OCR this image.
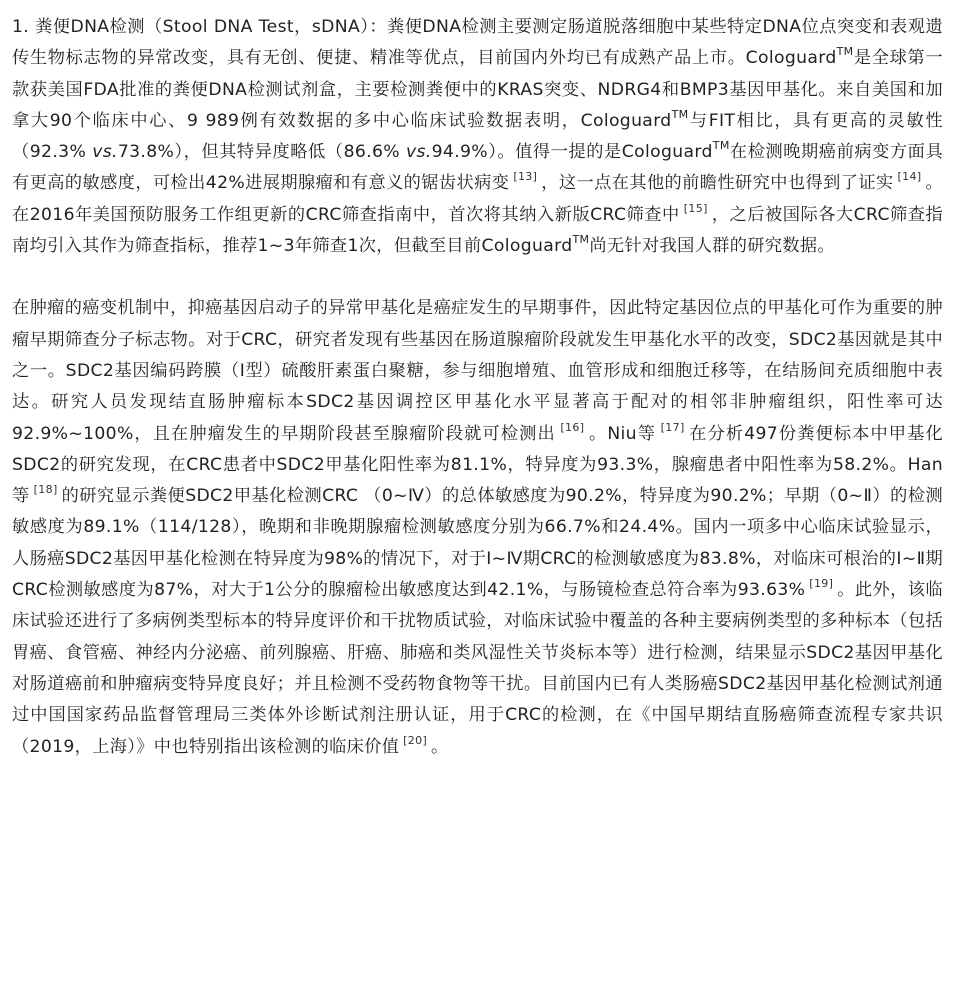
1. 粪便DNA检测（Stool DNA Test，sDNA）：粪便DNA检测主要测定肠道脱落细胞中某些特定DNA位点突变和表观遗传生物标志物的异常改变，具有无创、便捷、精准等优点，目前国内外均已有成熟产品上市。Cologuard™是全球第一款获美国FDA批准的粪便DNA检测试剂盒，主要检测粪便中的KRAS突变、NDRG4和BMP3基因甲基化。来自美国和加拿大90个临床中心、9 989例有效数据的多中心临床试验数据表明，Cologuard™与FIT相比，具有更高的灵敏性（92.3% vs.73.8%），但其特异度略低（86.6% vs.94.9%）。值得一提的是Cologuard™在检测晚期癌前病变方面具有更高的敏感度，可检出42%进展期腺瘤和有意义的锯齿状病变 [13] ，这一点在其他的前瞻性研究中也得到了证实 [14] 。在2016年美国预防服务工作组更新的CRC筛查指南中，首次将其纳入新版CRC筛查中 [15] ，之后被国际各大CRC筛查指南均引入其作为筛查指标，推荐1~3年筛查1次，但截至目前Cologuard™尚无针对我国人群的研究数据。

在肿瘤的癌变机制中，抑癌基因启动子的异常甲基化是癌症发生的早期事件，因此特定基因位点的甲基化可作为重要的肿瘤早期筛查分子标志物。对于CRC，研究者发现有些基因在肠道腺瘤阶段就发生甲基化水平的改变，SDC2基因就是其中之一。SDC2基因编码跨膜（Ⅰ型）硫酸肝素蛋白聚糖，参与细胞增殖、血管形成和细胞迁移等，在结肠间充质细胞中表达。研究人员发现结直肠肿瘤标本SDC2基因调控区甲基化水平显著高于配对的相邻非肿瘤组织，阳性率可达92.9%~100%，且在肿瘤发生的早期阶段甚至腺瘤阶段就可检测出 [16] 。Niu等 [17] 在分析497份粪便标本中甲基化SDC2的研究发现，在CRC患者中SDC2甲基化阳性率为81.1%，特异度为93.3%，腺瘤患者中阳性率为58.2%。Han等 [18] 的研究显示粪便SDC2甲基化检测CRC （0~Ⅳ）的总体敏感度为90.2%，特异度为90.2%；早期（0~Ⅱ）的检测敏感度为89.1%（114/128），晚期和非晚期腺瘤检测敏感度分别为66.7%和24.4%。国内一项多中心临床试验显示，人肠癌SDC2基因甲基化检测在特异度为98%的情况下，对于Ⅰ~Ⅳ期CRC的检测敏感度为83.8%，对临床可根治的Ⅰ~Ⅱ期CRC检测敏感度为87%，对大于1公分的腺瘤检出敏感度达到42.1%，与肠镜检查总符合率为93.63% [19] 。此外，该临床试验还进行了多病例类型标本的特异度评价和干扰物质试验，对临床试验中覆盖的各种主要病例类型的多种标本（包括胃癌、食管癌、神经内分泌癌、前列腺癌、肝癌、肺癌和类风湿性关节炎标本等）进行检测，结果显示SDC2基因甲基化对肠道癌前和肿瘤病变特异度良好；并且检测不受药物食物等干扰。目前国内已有人类肠癌SDC2基因甲基化检测试剂通过中国国家药品监督管理局三类体外诊断试剂注册认证，用于CRC的检测，在《中国早期结直肠癌筛查流程专家共识（2019，上海）》中也特别指出该检测的临床价值 [20] 。
